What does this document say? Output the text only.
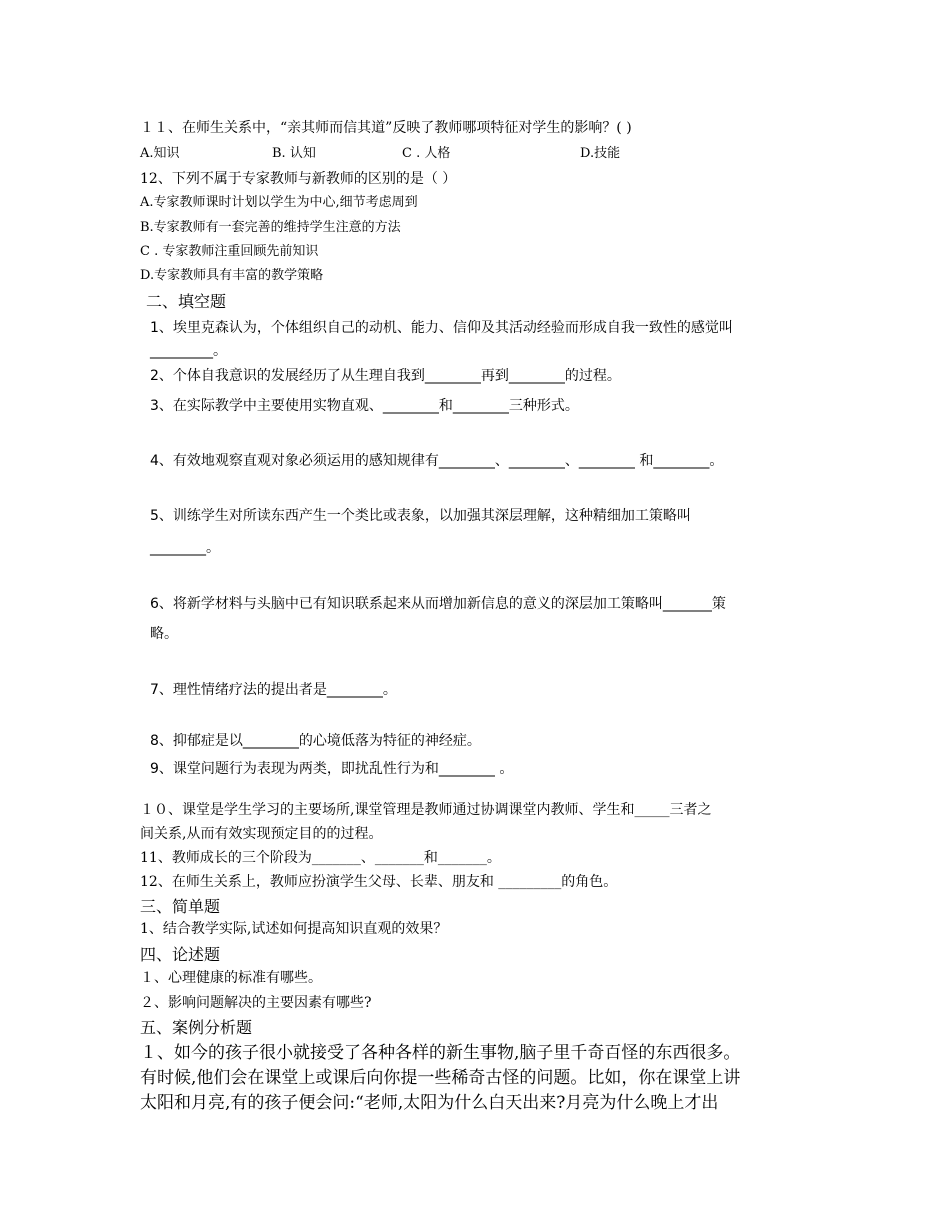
１１、在师生关系中，“亲其师而信其道”反映了教师哪项特征对学生的影响？( )
A.知识	B. 认知	C . 人格	D.技能
12、下列不属于专家教师与新教师的区别的是（ ）
A.专家教师课时计划以学生为中心,细节考虑周到
B.专家教师有一套完善的维持学生注意的方法
C . 专家教师注重回顾先前知识
D.专家教师具有丰富的教学策略
二、填空题
1、埃里克森认为，个体组织自己的动机、能力、信仰及其活动经验而形成自我一致性的感觉叫
_________。
2、个体自我意识的发展经历了从生理自我到________再到________的过程。
3、在实际教学中主要使用实物直观、________和________三种形式。
4、有效地观察直观对象必须运用的感知规律有________、________、________ 和________。
5、训练学生对所读东西产生一个类比或表象，以加强其深层理解，这种精细加工策略叫
________。
6、将新学材料与头脑中已有知识联系起来从而增加新信息的意义的深层加工策略叫_______策
略。
7、理性情绪疗法的提出者是________。
8、抑郁症是以________的心境低落为特征的神经症。
9、课堂问题行为表现为两类，即扰乱性行为和________ 。
１０、课堂是学生学习的主要场所,课堂管理是教师通过协调课堂内教师、学生和_____三者之
间关系,从而有效实现预定目的的过程。
11、教师成长的三个阶段为_______、_______和_______。
12、在师生关系上，教师应扮演学生父母、长辈、朋友和 _________的角色。
三、简单题
1、结合教学实际,试述如何提高知识直观的效果？
四、论述题
１、心理健康的标准有哪些。
２、影响问题解决的主要因素有哪些?
五、案例分析题
１、如今的孩子很小就接受了各种各样的新生事物,脑子里千奇百怪的东西很多。
有时候,他们会在课堂上或课后向你提一些稀奇古怪的问题。比如，你在课堂上讲
太阳和月亮,有的孩子便会问:“老师,太阳为什么白天出来?月亮为什么晚上才出
